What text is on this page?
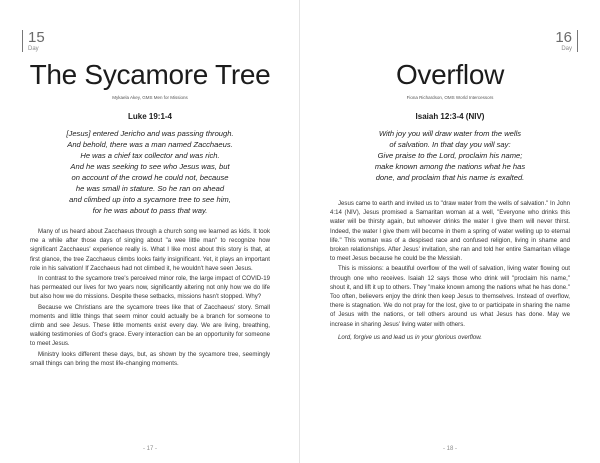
15
Day
The Sycamore Tree
Mykaela Akey, GMS Men for Missions
Luke 19:1-4
[Jesus] entered Jericho and was passing through.
And behold, there was a man named Zacchaeus.
He was a chief tax collector and was rich.
And he was seeking to see who Jesus was, but
on account of the crowd he could not, because
he was small in stature. So he ran on ahead
and climbed up into a sycamore tree to see him,
for he was about to pass that way.

Many of us heard about Zacchaeus through a church song we learned as kids. It took me a while after those days of singing about "a wee little man" to recognize how significant Zacchaeus' experience really is. What I like most about this story is that, at first glance, the tree Zacchaeus climbs looks fairly insignificant. Yet, it plays an important role in his salvation! If Zacchaeus had not climbed it, he wouldn't have seen Jesus.

In contrast to the sycamore tree's perceived minor role, the large impact of COVID-19 has permeated our lives for two years now, significantly altering not only how we do life but also how we do missions. Despite these setbacks, missions hasn't stopped. Why?

Because we Christians are the sycamore trees like that of Zacchaeus' story. Small moments and little things that seem minor could actually be a branch for someone to climb and see Jesus. These little moments exist every day. We are living, breathing, walking testimonies of God's grace. Every interaction can be an opportunity for someone to meet Jesus.

Ministry looks different these days, but, as shown by the sycamore tree, seemingly small things can bring the most life-changing moments.

- 17 -
16
Day
Overflow
Fiona Richardson, OMS World Intercessors
Isaiah 12:3-4 (NIV)
With joy you will draw water from the wells
of salvation. In that day you will say:
Give praise to the Lord, proclaim his name;
make known among the nations what he has
done, and proclaim that his name is exalted.

Jesus came to earth and invited us to "draw water from the wells of salvation." In John 4:14 (NIV), Jesus promised a Samaritan woman at a well, "Everyone who drinks this water will be thirsty again, but whoever drinks the water I give them will never thirst. Indeed, the water I give them will become in them a spring of water welling up to eternal life." This woman was of a despised race and confused religion, living in shame and broken relationships. After Jesus' invitation, she ran and told her entire Samaritan village to meet Jesus because he could be the Messiah.

This is missions: a beautiful overflow of the well of salvation, living water flowing out through one who receives. Isaiah 12 says those who drink will "proclaim his name," shout it, and lift it up to others. They "make known among the nations what he has done." Too often, believers enjoy the drink then keep Jesus to themselves. Instead of overflow, there is stagnation. We do not pray for the lost, give to or participate in sharing the name of Jesus with the nations, or tell others around us what Jesus has done. May we increase in sharing Jesus' living water with others.

Lord, forgive us and lead us in your glorious overflow.

- 18 -
